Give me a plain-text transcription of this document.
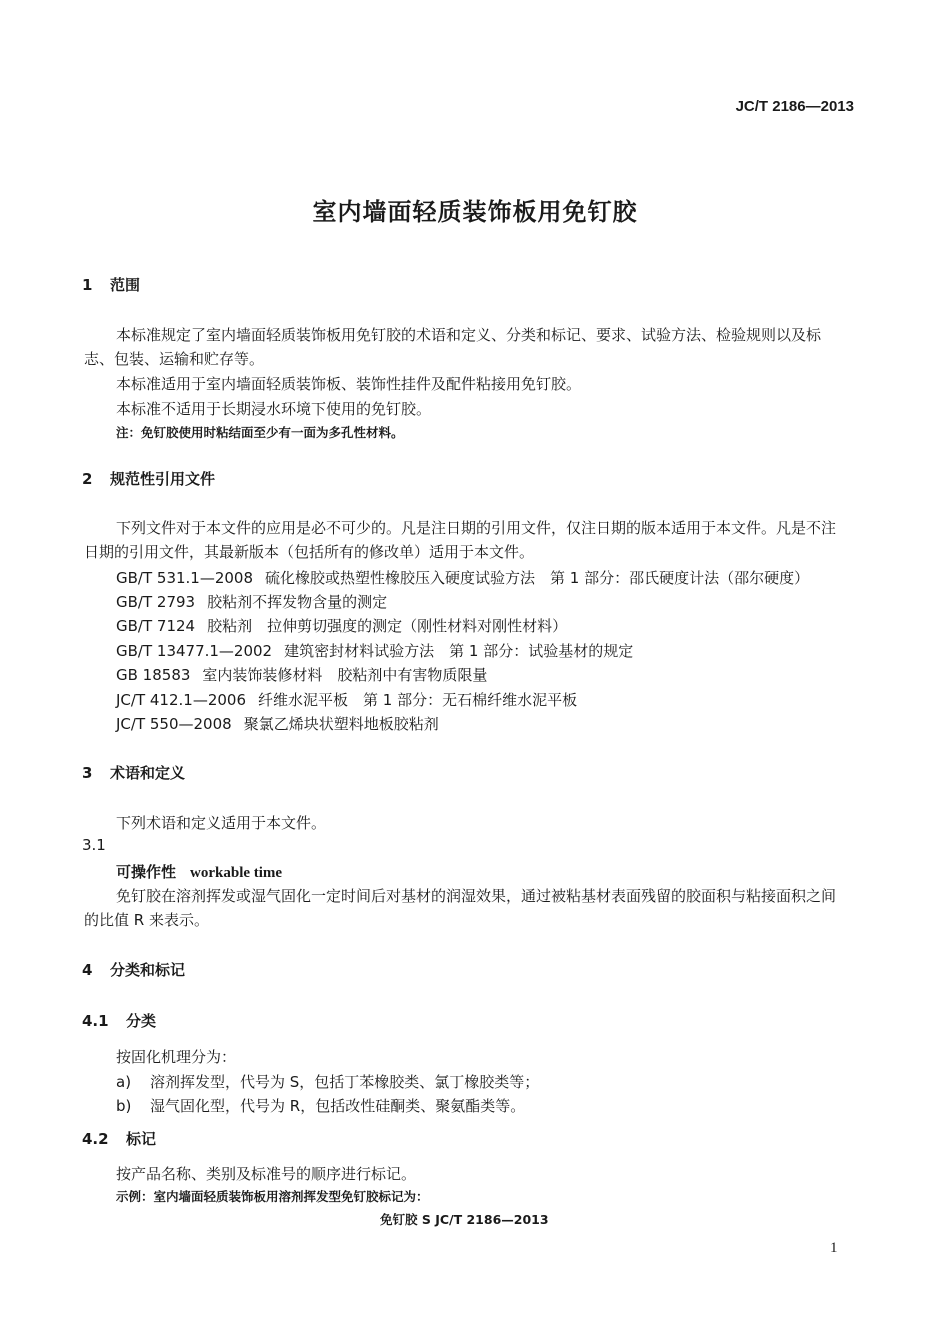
JC/T 2186—2013
室内墙面轻质装饰板用免钉胶
1 范围
本标准规定了室内墙面轻质装饰板用免钉胶的术语和定义、分类和标记、要求、试验方法、检验规则以及标志、包装、运输和贮存等。
本标准适用于室内墙面轻质装饰板、装饰性挂件及配件粘接用免钉胶。
本标准不适用于长期浸水环境下使用的免钉胶。
注：免钉胶使用时粘结面至少有一面为多孔性材料。
2 规范性引用文件
下列文件对于本文件的应用是必不可少的。凡是注日期的引用文件，仅注日期的版本适用于本文件。凡是不注日期的引用文件，其最新版本（包括所有的修改单）适用于本文件。
GB/T 531.1—2008 硫化橡胶或热塑性橡胶压入硬度试验方法　第 1 部分：邵氏硬度计法（邵尔硬度）
GB/T 2793 胶粘剂不挥发物含量的测定
GB/T 7124 胶粘剂　拉伸剪切强度的测定（刚性材料对刚性材料）
GB/T 13477.1—2002 建筑密封材料试验方法　第 1 部分：试验基材的规定
GB 18583 室内装饰装修材料　胶粘剂中有害物质限量
JC/T 412.1—2006 纤维水泥平板　第 1 部分：无石棉纤维水泥平板
JC/T 550—2008 聚氯乙烯块状塑料地板胶粘剂
3 术语和定义
下列术语和定义适用于本文件。
3.1
可操作性 workable time
免钉胶在溶剂挥发或湿气固化一定时间后对基材的润湿效果，通过被粘基材表面残留的胶面积与粘接面积之间的比值 R 来表示。
4 分类和标记
4.1 分类
按固化机理分为：
a) 溶剂挥发型，代号为 S，包括丁苯橡胶类、氯丁橡胶类等；
b) 湿气固化型，代号为 R，包括改性硅酮类、聚氨酯类等。
4.2 标记
按产品名称、类别及标准号的顺序进行标记。
示例：室内墙面轻质装饰板用溶剂挥发型免钉胶标记为：
免钉胶 S JC/T 2186—2013
1
